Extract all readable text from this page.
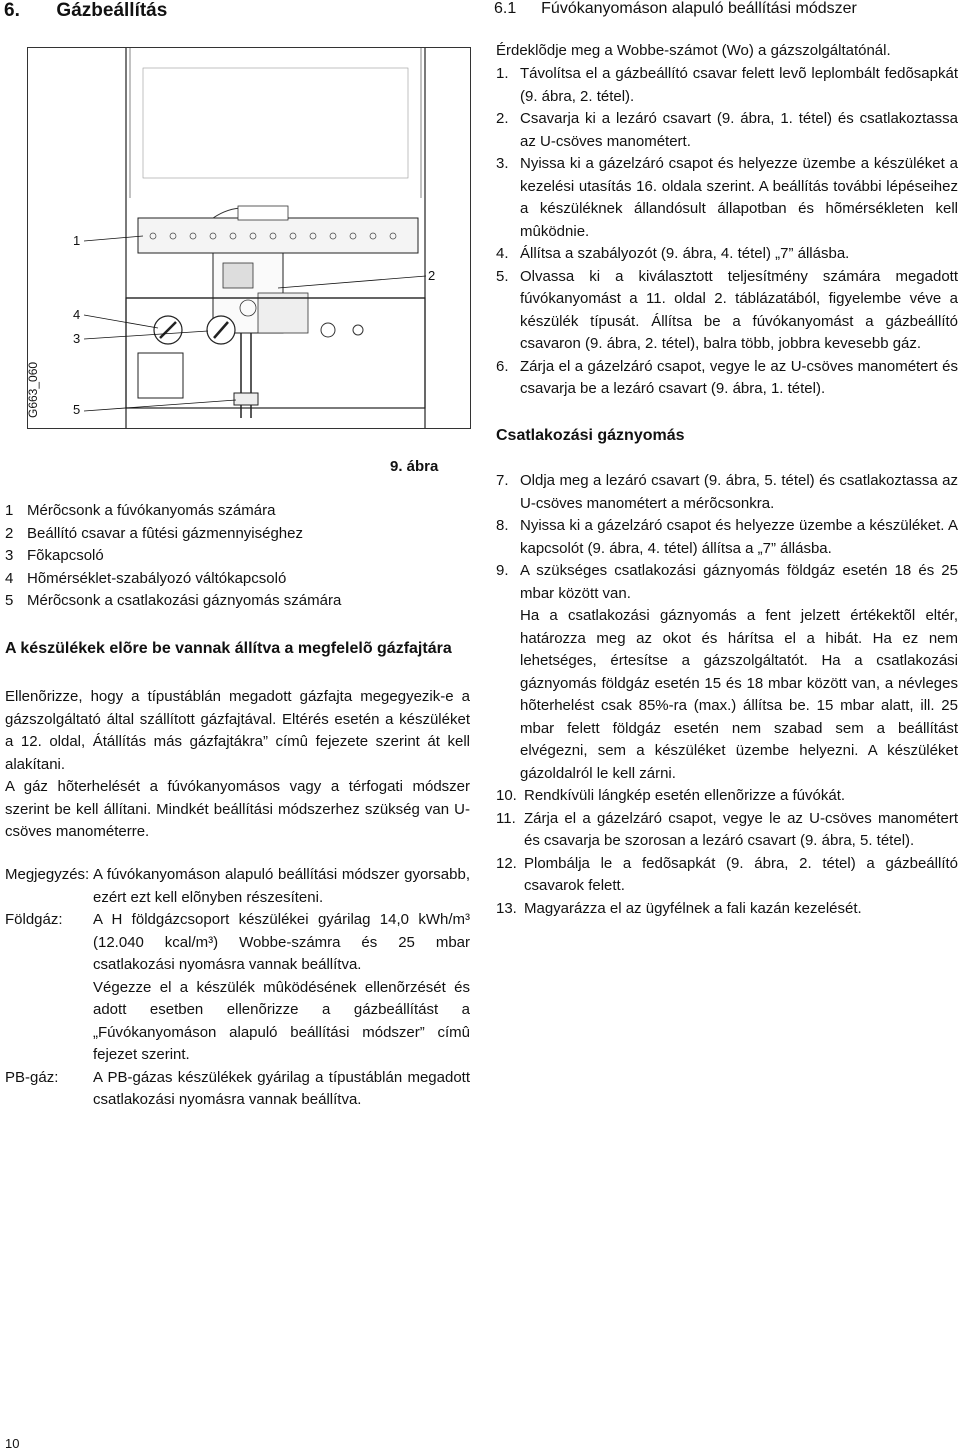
6. Gázbeállítás	6.1 Fúvókanyomáson alapuló beállítási módszer
G663_060
1
4
3
5
2
9. ábra
1 Mérõcsonk a fúvókanyomás számára
2 Beállító csavar a fûtési gázmennyiséghez
3 Fõkapcsoló
4 Hõmérséklet-szabályozó váltókapcsoló
5 Mérõcsonk a csatlakozási gáznyomás számára
A készülékek elõre be vannak állítva a megfelelõ gázfajtára

Ellenõrizze, hogy a típustáblán megadott gázfajta megegyezik-e a gázszolgáltató által szállított gázfajtával. Eltérés esetén a készüléket a 12. oldal, Átállítás más gázfajtákra” címû fejezete szerint át kell alakítani.

A gáz hõterhelését a fúvókanyomásos vagy a térfogati módszer szerint be kell állítani. Mindkét beállítási módszerhez szükség van U-csöves manométerre.

Megjegyzés: A fúvókanyomáson alapuló beállítási módszer gyorsabb, ezért ezt kell elõnyben részesíteni.
Földgáz: A H földgázcsoport készülékei gyárilag 14,0 kWh/m³ (12.040 kcal/m³) Wobbe-számra és 25 mbar csatlakozási nyomásra vannak beállítva.
Végezze el a készülék mûködésének ellenõrzését és adott esetben ellenõrizze a gázbeállítást a „Fúvókanyomáson alapuló beállítási módszer” címû fejezet szerint.
PB-gáz: A PB-gázas készülékek gyárilag a típustáblán megadott csatlakozási nyomásra vannak beállítva.

Érdeklõdje meg a Wobbe-számot (Wo) a gázszolgáltatónál.

1. Távolítsa el a gázbeállító csavar felett levõ leplombált fedõsapkát (9. ábra, 2. tétel).
2. Csavarja ki a lezáró csavart (9. ábra, 1. tétel) és csatlakoztassa az U-csöves manométert.
3. Nyissa ki a gázelzáró csapot és helyezze üzembe a készüléket a kezelési utasítás 16. oldala szerint. A beállítás további lépéseihez a készüléknek állandósult állapotban és hõmérsékleten kell mûködnie.
4. Állítsa a szabályozót (9. ábra, 4. tétel) „7” állásba.
5. Olvassa ki a kiválasztott teljesítmény számára megadott fúvókanyomást a 11. oldal 2. táblázatából, figyelembe véve a készülék típusát. Állítsa be a fúvókanyomást a gázbeállító csavaron (9. ábra, 2. tétel), balra több, jobbra kevesebb gáz.
6. Zárja el a gázelzáró csapot, vegye le az U-csöves manométert és csavarja be a lezáró csavart (9. ábra, 1. tétel).
Csatlakozási gáznyomás
7. Oldja meg a lezáró csavart (9. ábra, 5. tétel) és csatlakoztassa az U-csöves manométert a mérõcsonkra.
8. Nyissa ki a gázelzáró csapot és helyezze üzembe a készüléket. A kapcsolót (9. ábra, 4. tétel) állítsa a „7” állásba.
9. A szükséges csatlakozási gáznyomás földgáz esetén 18 és 25 mbar között van.
Ha a csatlakozási gáznyomás a fent jelzett értékektõl eltér, határozza meg az okot és hárítsa el a hibát. Ha ez nem lehetséges, értesítse a gázszolgáltatót. Ha a csatlakozási gáznyomás földgáz esetén 15 és 18 mbar között van, a névleges hõterhelést csak 85%-ra (max.) állítsa be. 15 mbar alatt, ill. 25 mbar felett földgáz esetén nem szabad sem a beállítást elvégezni, sem a készüléket üzembe helyezni. A készüléket gázoldalról le kell zárni.
10. Rendkívüli lángkép esetén ellenõrizze a fúvókát.
11. Zárja el a gázelzáró csapot, vegye le az U-csöves manométert és csavarja be szorosan a lezáró csavart (9. ábra, 5. tétel).
12. Plombálja le a fedõsapkát (9. ábra, 2. tétel) a gázbeállító csavarok felett.
13. Magyarázza el az ügyfélnek a fali kazán kezelését.
10
